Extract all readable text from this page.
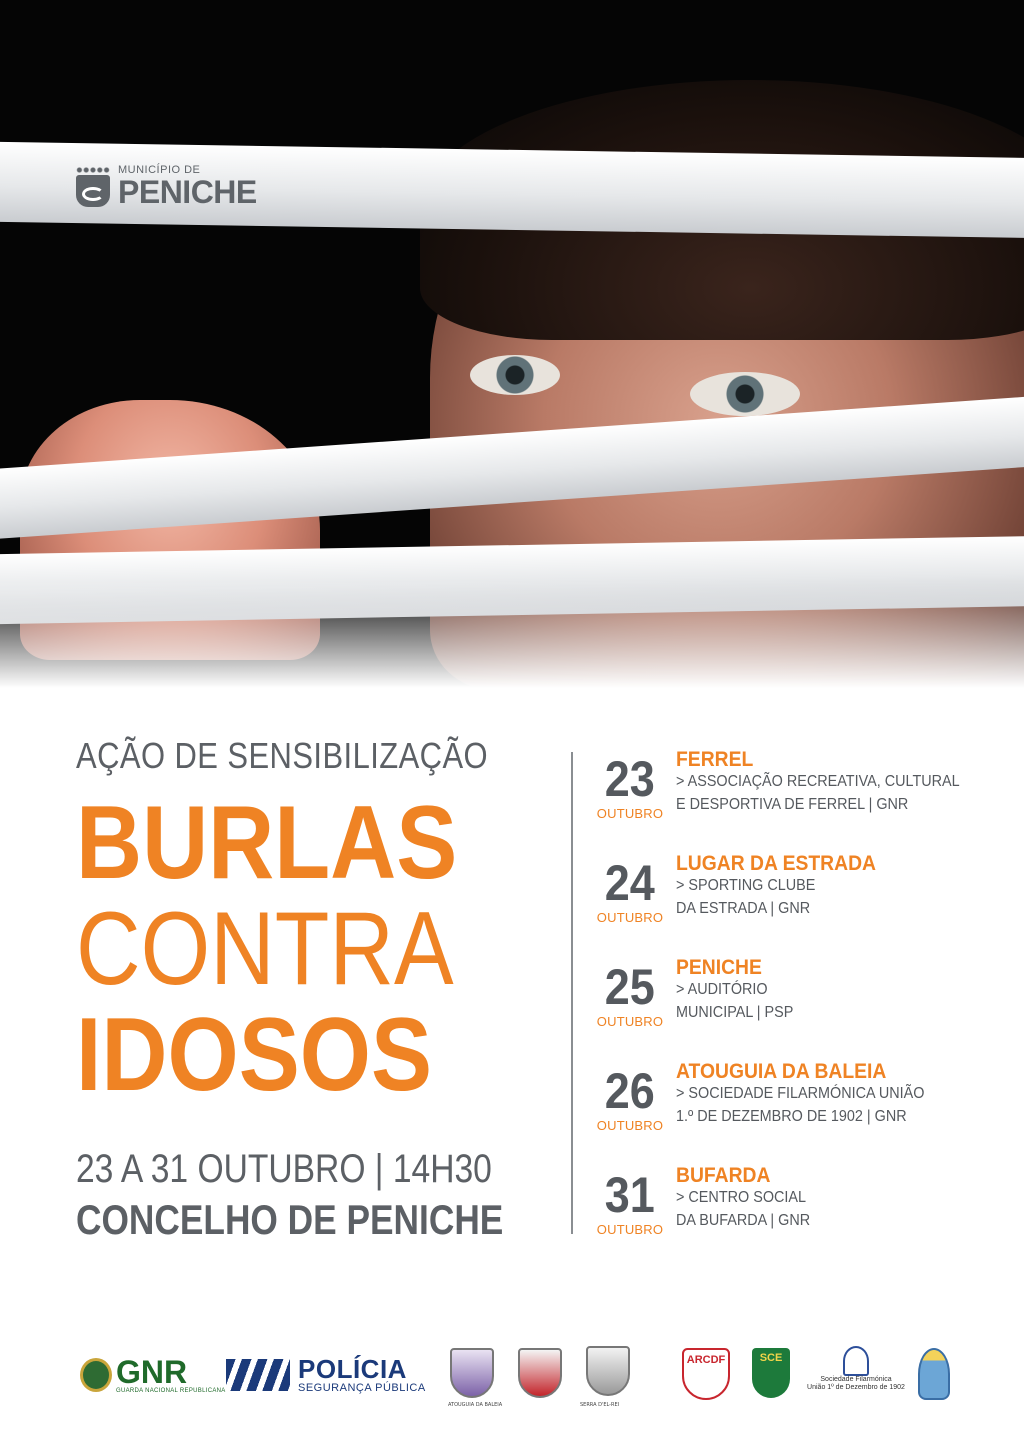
MUNICÍPIO DE
PENICHE
AÇÃO DE SENSIBILIZAÇÃO
BURLAS
CONTRA
IDOSOS
23 A 31 OUTUBRO | 14H30
CONCELHO DE PENICHE
23
OUTUBRO
FERREL
> ASSOCIAÇÃO RECREATIVA, CULTURAL
E DESPORTIVA DE FERREL | GNR
24
OUTUBRO
LUGAR DA ESTRADA
> SPORTING CLUBE
DA ESTRADA | GNR
25
OUTUBRO
PENICHE
> AUDITÓRIO
MUNICIPAL | PSP
26
OUTUBRO
ATOUGUIA DA BALEIA
> SOCIEDADE FILARMÓNICA UNIÃO
1.º DE DEZEMBRO DE 1902 | GNR
31
OUTUBRO
BUFARDA
> CENTRO SOCIAL
DA BUFARDA | GNR
GNR
GUARDA NACIONAL REPUBLICANA
POLÍCIA
SEGURANÇA PÚBLICA
ATOUGUIA DA BALEIA	SERRA D'EL-REI
ARCDF	SCE
Sociedade Filarmónica
União 1º de Dezembro de 1902
